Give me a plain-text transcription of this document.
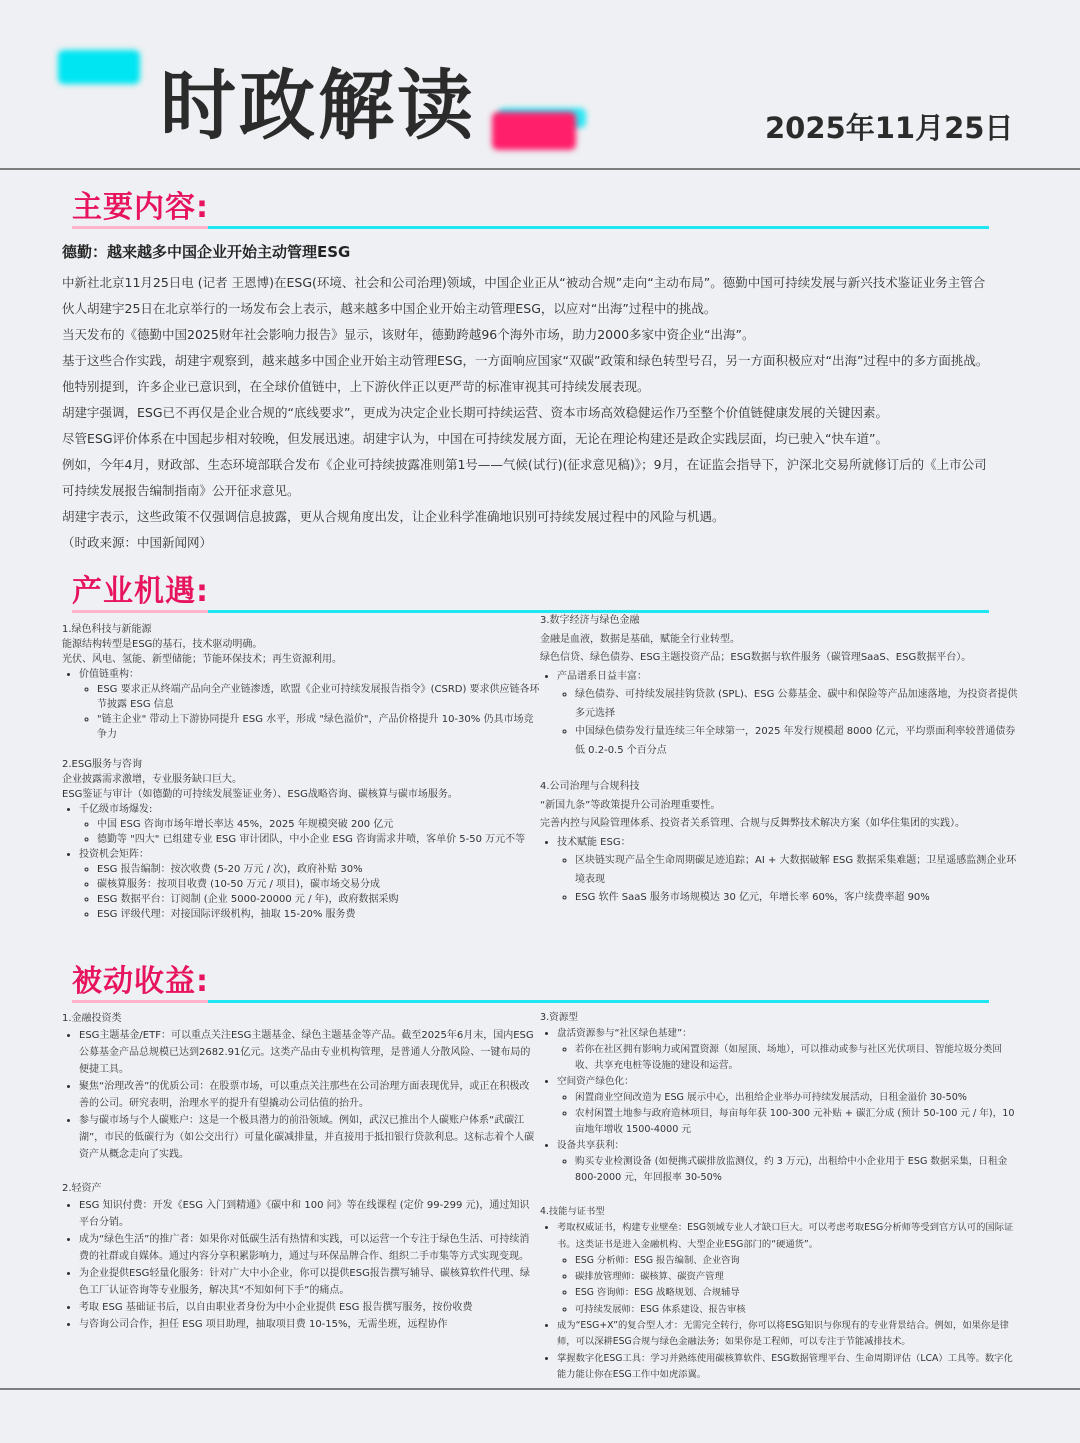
时政解读	2025年11月25日
主要内容:
德勤：越来越多中国企业开始主动管理ESG

中新社北京11月25日电 (记者 王恩博)在ESG(环境、社会和公司治理)领域，中国企业正从“被动合规”走向“主动布局”。德勤中国可持续发展与新兴技术鉴证业务主管合伙人胡建宇25日在北京举行的一场发布会上表示，越来越多中国企业开始主动管理ESG，以应对“出海”过程中的挑战。

当天发布的《德勤中国2025财年社会影响力报告》显示，该财年，德勤跨越96个海外市场，助力2000多家中资企业“出海”。

基于这些合作实践，胡建宇观察到，越来越多中国企业开始主动管理ESG，一方面响应国家“双碳”政策和绿色转型号召，另一方面积极应对“出海”过程中的多方面挑战。他特别提到，许多企业已意识到，在全球价值链中，上下游伙伴正以更严苛的标准审视其可持续发展表现。

胡建宇强调，ESG已不再仅是企业合规的“底线要求”，更成为决定企业长期可持续运营、资本市场高效稳健运作乃至整个价值链健康发展的关键因素。

尽管ESG评价体系在中国起步相对较晚，但发展迅速。胡建宇认为，中国在可持续发展方面，无论在理论构建还是政企实践层面，均已驶入“快车道”。

例如，今年4月，财政部、生态环境部联合发布《企业可持续披露准则第1号——气候(试行)(征求意见稿)》；9月，在证监会指导下，沪深北交易所就修订后的《上市公司可持续发展报告编制指南》公开征求意见。

胡建宇表示，这些政策不仅强调信息披露，更从合规角度出发，让企业科学准确地识别可持续发展过程中的风险与机遇。

（时政来源：中国新闻网）

产业机遇:

1.绿色科技与新能源

能源结构转型是ESG的基石，技术驱动明确。

光伏、风电、氢能、新型储能；节能环保技术；再生资源利用。

• 价值链重构：
◦ ESG 要求正从终端产品向全产业链渗透，欧盟《企业可持续发展报告指令》(CSRD) 要求供应链各环节披露 ESG 信息
◦ "链主企业" 带动上下游协同提升 ESG 水平，形成 "绿色溢价"，产品价格提升 10-30% 仍具市场竞争力

2.ESG服务与咨询

企业披露需求激增，专业服务缺口巨大。

ESG鉴证与审计（如德勤的可持续发展鉴证业务）、ESG战略咨询、碳核算与碳市场服务。

• 千亿级市场爆发:
◦ 中国 ESG 咨询市场年增长率达 45%，2025 年规模突破 200 亿元
◦ 德勤等 "四大" 已组建专业 ESG 审计团队，中小企业 ESG 咨询需求井喷，客单价 5-50 万元不等
• 投资机会矩阵：
◦ ESG 报告编制：按次收费 (5-20 万元 / 次)，政府补贴 30%
◦ 碳核算服务：按项目收费 (10-50 万元 / 项目)，碳市场交易分成
◦ ESG 数据平台：订阅制 (企业 5000-20000 元 / 年)，政府数据采购
◦ ESG 评级代理：对接国际评级机构，抽取 15-20% 服务费

3.数字经济与绿色金融

金融是血液，数据是基础，赋能全行业转型。

绿色信贷、绿色债券、ESG主题投资产品；ESG数据与软件服务（碳管理SaaS、ESG数据平台）。

• 产品谱系日益丰富：
◦ 绿色债券、可持续发展挂钩贷款 (SPL)、ESG 公募基金、碳中和保险等产品加速落地，为投资者提供多元选择
◦ 中国绿色债券发行量连续三年全球第一，2025 年发行规模超 8000 亿元，平均票面利率较普通债券低 0.2-0.5 个百分点

4.公司治理与合规科技

“新国九条”等政策提升公司治理重要性。

完善内控与风险管理体系、投资者关系管理、合规与反舞弊技术解决方案（如华住集团的实践）。

• 技术赋能 ESG：
◦ 区块链实现产品全生命周期碳足迹追踪；AI + 大数据破解 ESG 数据采集难题；卫星遥感监测企业环境表现
◦ ESG 软件 SaaS 服务市场规模达 30 亿元，年增长率 60%，客户续费率超 90%
被动收益:

1.金融投资类

• ESG主题基金/ETF：可以重点关注ESG主题基金、绿色主题基金等产品。截至2025年6月末，国内ESG公募基金产品总规模已达到2682.91亿元。这类产品由专业机构管理，是普通人分散风险、一键布局的便捷工具。
• 聚焦“治理改善”的优质公司：在股票市场，可以重点关注那些在公司治理方面表现优异，或正在积极改善的公司。研究表明，治理水平的提升有望撬动公司估值的抬升。
• 参与碳市场与个人碳账户：这是一个极具潜力的前沿领域。例如，武汉已推出个人碳账户体系“武碳江湖”，市民的低碳行为（如公交出行）可量化碳减排量，并直接用于抵扣银行贷款利息。这标志着个人碳资产从概念走向了实践。

2.轻资产

• ESG 知识付费：开发《ESG 入门到精通》《碳中和 100 问》等在线课程 (定价 99-299 元)，通过知识平台分销。
• 成为“绿色生活”的推广者：如果你对低碳生活有热情和实践，可以运营一个专注于绿色生活、可持续消费的社群或自媒体。通过内容分享积累影响力，通过与环保品牌合作、组织二手市集等方式实现变现。
• 为企业提供ESG轻量化服务：针对广大中小企业，你可以提供ESG报告撰写辅导、碳核算软件代理、绿色工厂认证咨询等专业服务，解决其“不知如何下手”的痛点。
• 考取 ESG 基础证书后，以自由职业者身份为中小企业提供 ESG 报告撰写服务，按份收费
• 与咨询公司合作，担任 ESG 项目助理，抽取项目费 10-15%，无需坐班，远程协作

3.资源型

• 盘活资源参与“社区绿色基建”：
◦ 若你在社区拥有影响力或闲置资源（如屋顶、场地），可以推动或参与社区光伏项目、智能垃圾分类回收、共享充电桩等设施的建设和运营。
• 空间资产绿色化：
◦ 闲置商业空间改造为 ESG 展示中心，出租给企业举办可持续发展活动，日租金溢价 30-50%
◦ 农村闲置土地参与政府造林项目，每亩每年获 100-300 元补贴 + 碳汇分成 (预计 50-100 元 / 年)，10 亩地年增收 1500-4000 元
• 设备共享获利：
◦ 购买专业检测设备 (如便携式碳排放监测仪，约 3 万元)，出租给中小企业用于 ESG 数据采集，日租金 800-2000 元，年回报率 30-50%

4.技能与证书型

• 考取权威证书，构建专业壁垒：ESG领域专业人才缺口巨大。可以考虑考取ESG分析师等受到官方认可的国际证书。这类证书是进入金融机构、大型企业ESG部门的“硬通货”。
◦ ESG 分析师：ESG 报告编制、企业咨询
◦ 碳排放管理师：碳核算、碳资产管理
◦ ESG 咨询师：ESG 战略规划、合规辅导
◦ 可持续发展师：ESG 体系建设、报告审核
• 成为“ESG+X”的复合型人才：无需完全转行，你可以将ESG知识与你现有的专业背景结合。例如，如果你是律师，可以深耕ESG合规与绿色金融法务；如果你是工程师，可以专注于节能减排技术。
• 掌握数字化ESG工具：学习并熟练使用碳核算软件、ESG数据管理平台、生命周期评估（LCA）工具等。数字化能力能让你在ESG工作中如虎添翼。
